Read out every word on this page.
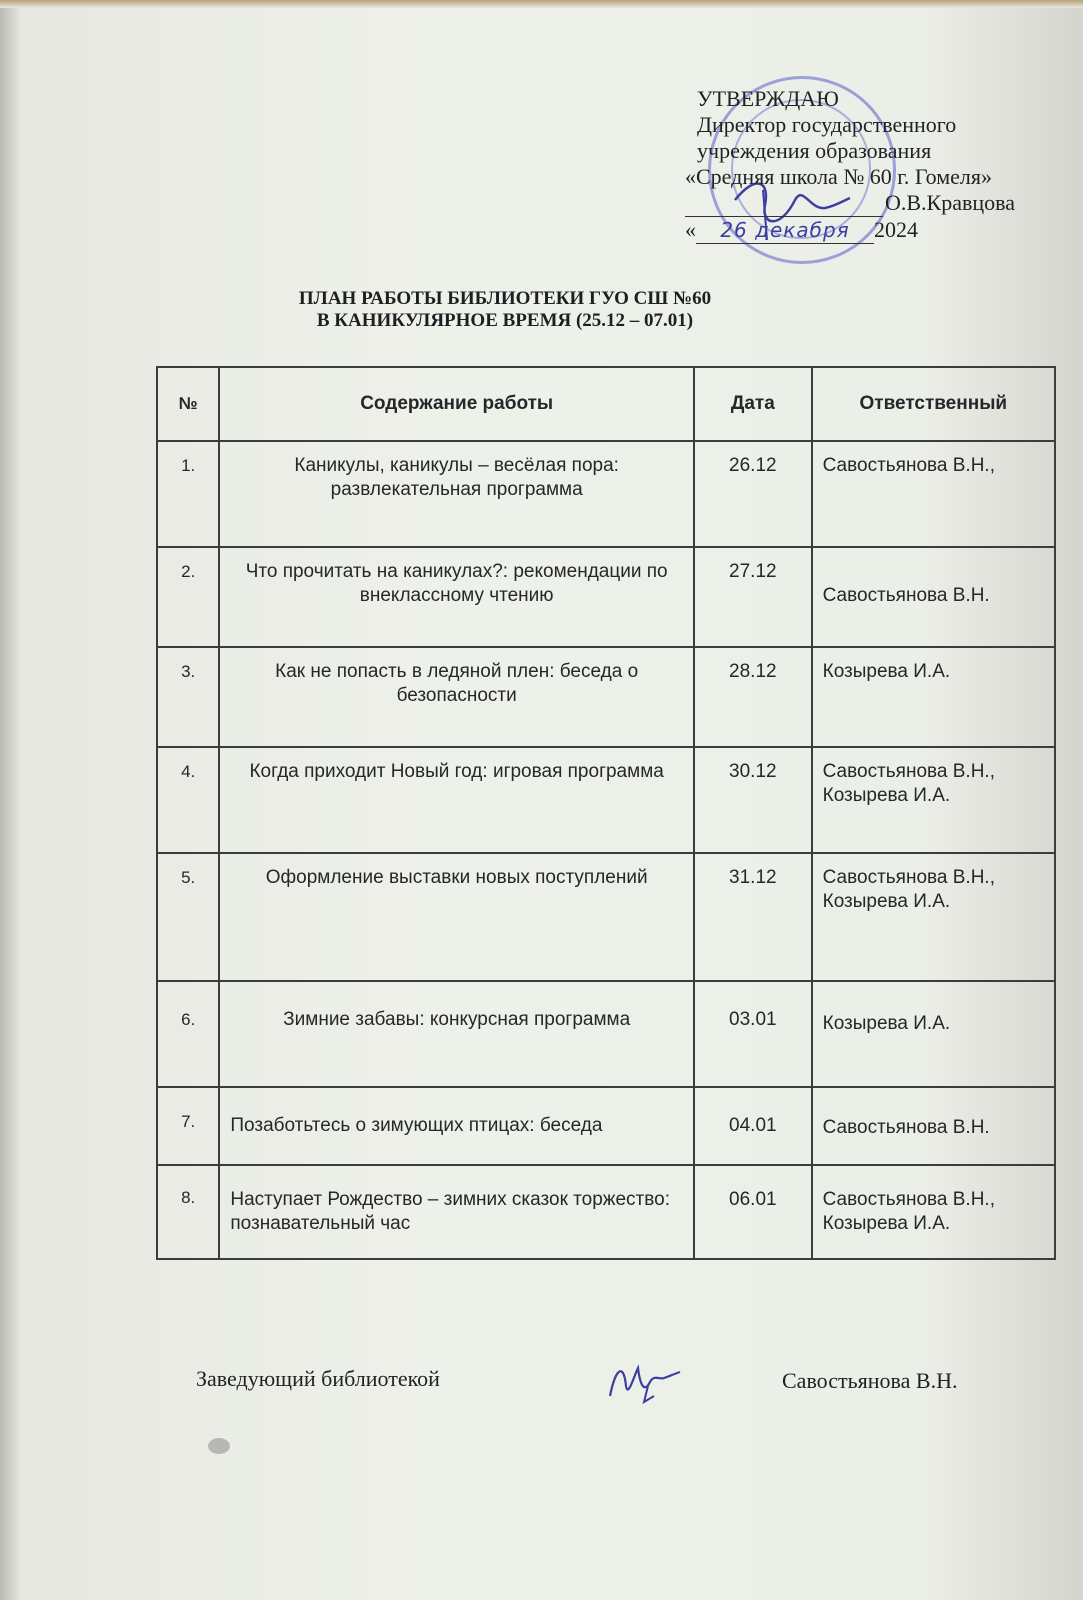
УТВЕРЖДАЮ
Директор государственного
учреждения образования
«Средняя школа № 60 г. Гомеля»
О.В.Кравцова
« 26 декабря 2024
ПЛАН РАБОТЫ БИБЛИОТЕКИ ГУО СШ №60
В КАНИКУЛЯРНОЕ ВРЕМЯ (25.12 – 07.01)
№	Содержание работы	Дата	Ответственный
1.	Каникулы, каникулы – весёлая пора: развлекательная программа	26.12	Савостьянова В.Н.,

2.	Что прочитать на каникулах?: рекомендации по внеклассному чтению	27.12	Савостьянова В.Н.

3.	Как не попасть в ледяной плен: беседа о безопасности	28.12	Козырева И.А.

4.	Когда приходит Новый год: игровая программа	30.12	Савостьянова В.Н.,
Козырева И.А.

5.	Оформление выставки новых поступлений	31.12	Савостьянова В.Н.,
Козырева И.А.

6.	Зимние забавы: конкурсная программа	03.01	Козырева И.А.

7.	Позаботьтесь о зимующих птицах: беседа	04.01	Савостьянова В.Н.

8.	Наступает Рождество – зимних сказок торжество: познавательный час	06.01	Савостьянова В.Н.,
Козырева И.А.
Заведующий библиотекой	Савостьянова В.Н.
